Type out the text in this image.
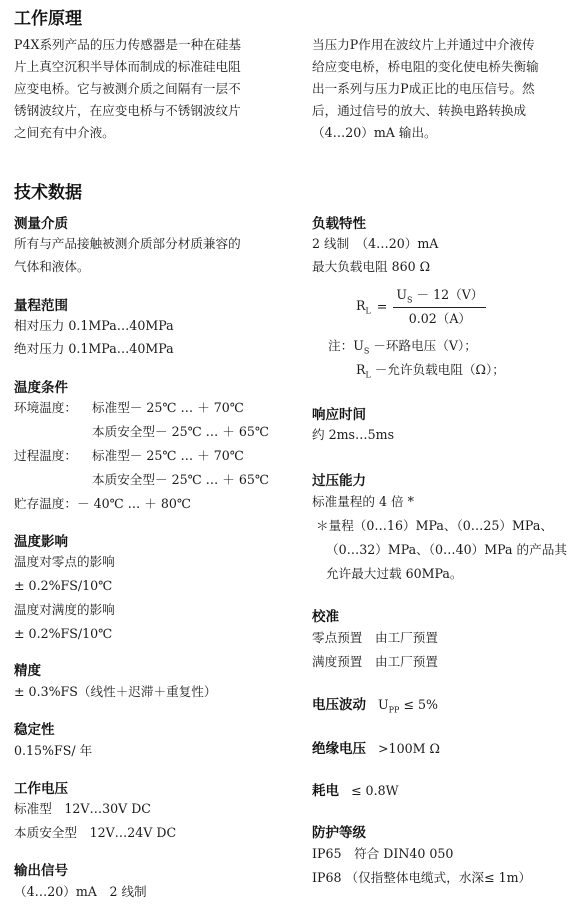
工作原理
P4X系列产品的压力传感器是一种在硅基
片上真空沉积半导体而制成的标准硅电阻
应变电桥。它与被测介质之间隔有一层不
锈钢波纹片，在应变电桥与不锈钢波纹片
之间充有中介液。
当压力P作用在波纹片上并通过中介液传
给应变电桥，桥电阻的变化使电桥失衡输
出一系列与压力P成正比的电压信号。然
后，通过信号的放大、转换电路转换成
（4…20）mA 输出。
技术数据
测量介质
所有与产品接触被测介质部分材质兼容的
气体和液体。
量程范围
相对压力 0.1MPa…40MPa
绝对压力 0.1MPa…40MPa
温度条件
环境温度： 标准型－ 25℃ … ＋ 70℃
本质安全型－ 25℃ … ＋ 65℃
过程温度： 标准型－ 25℃ … ＋ 70℃
本质安全型－ 25℃ … ＋ 65℃
贮存温度：－ 40℃ … ＋ 80℃
温度影响
温度对零点的影响
± 0.2%FS/10℃
温度对满度的影响
± 0.2%FS/10℃
精度
± 0.3%FS（线性＋迟滞＋重复性）
稳定性
0.15%FS/ 年
工作电压
标准型　12V…30V DC
本质安全型　12V…24V DC
输出信号
（4…20）mA　2 线制
负载特性
2 线制　（4…20）mA
最大负载电阻 860 Ω
$R_L = \frac{U_S - 12(V)}{0.02(A)}$
注：$U_S$ －环路电压（V）；
$R_L$ －允许负载电阻（Ω）；
响应时间
约 2ms…5ms
过压能力
标准量程的 4 倍 *
＊量程（0…16）MPa、（0…25）MPa、
（0…32）MPa、（0…40）MPa 的产品其
允许最大过载 60MPa。
校准
零点预置　由工厂预置
满度预置　由工厂预置
电压波动 $U_{PP} \le 5\%$
绝缘电压 >100M Ω
耗电 ≤ 0.8W
防护等级
IP65　符合 DIN40 050
IP68 （仅指整体电缆式，水深≤ 1m）
